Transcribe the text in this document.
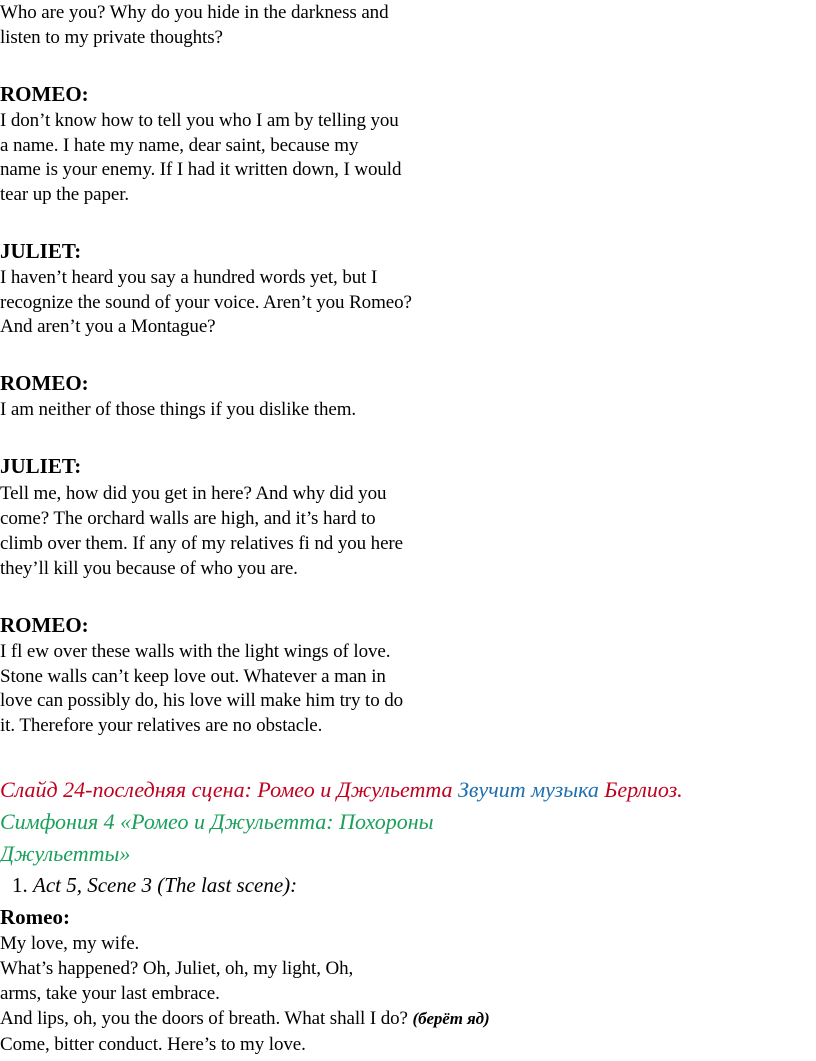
Who are you? Why do you hide in the darkness and
listen to my private thoughts?
ROMEO:
I don’t know how to tell you who I am by telling you
a name. I hate my name, dear saint, because my
name is your enemy. If I had it written down, I would
tear up the paper.
JULIET:
I haven’t heard you say a hundred words yet, but I
recognize the sound of your voice. Aren’t you Romeo?
And aren’t you a Montague?
ROMEO:
I am neither of those things if you dislike them.
JULIET:
Tell me, how did you get in here? And why did you
come? The orchard walls are high, and it’s hard to
climb over them. If any of my relatives fi nd you here
they’ll kill you because of who you are.
ROMEO:
I fl ew over these walls with the light wings of love.
Stone walls can’t keep love out. Whatever a man in
love can possibly do, his love will make him try to do
it. Therefore your relatives are no obstacle.
Слайд 24-последняя сцена: Ромео и Джульетта Звучит музыка Берлиоз.
Симфония 4 «Ромео и Джульетта: Похороны
Джульетты»
1. Act 5, Scene 3 (The last scene):
Romeo:
My love, my wife.
What’s happened? Oh, Juliet, oh, my light, Oh,
arms, take your last embrace.
And lips, oh, you the doors of breath. What shall I do? (берёт яд)
Come, bitter conduct. Here’s to my love.
